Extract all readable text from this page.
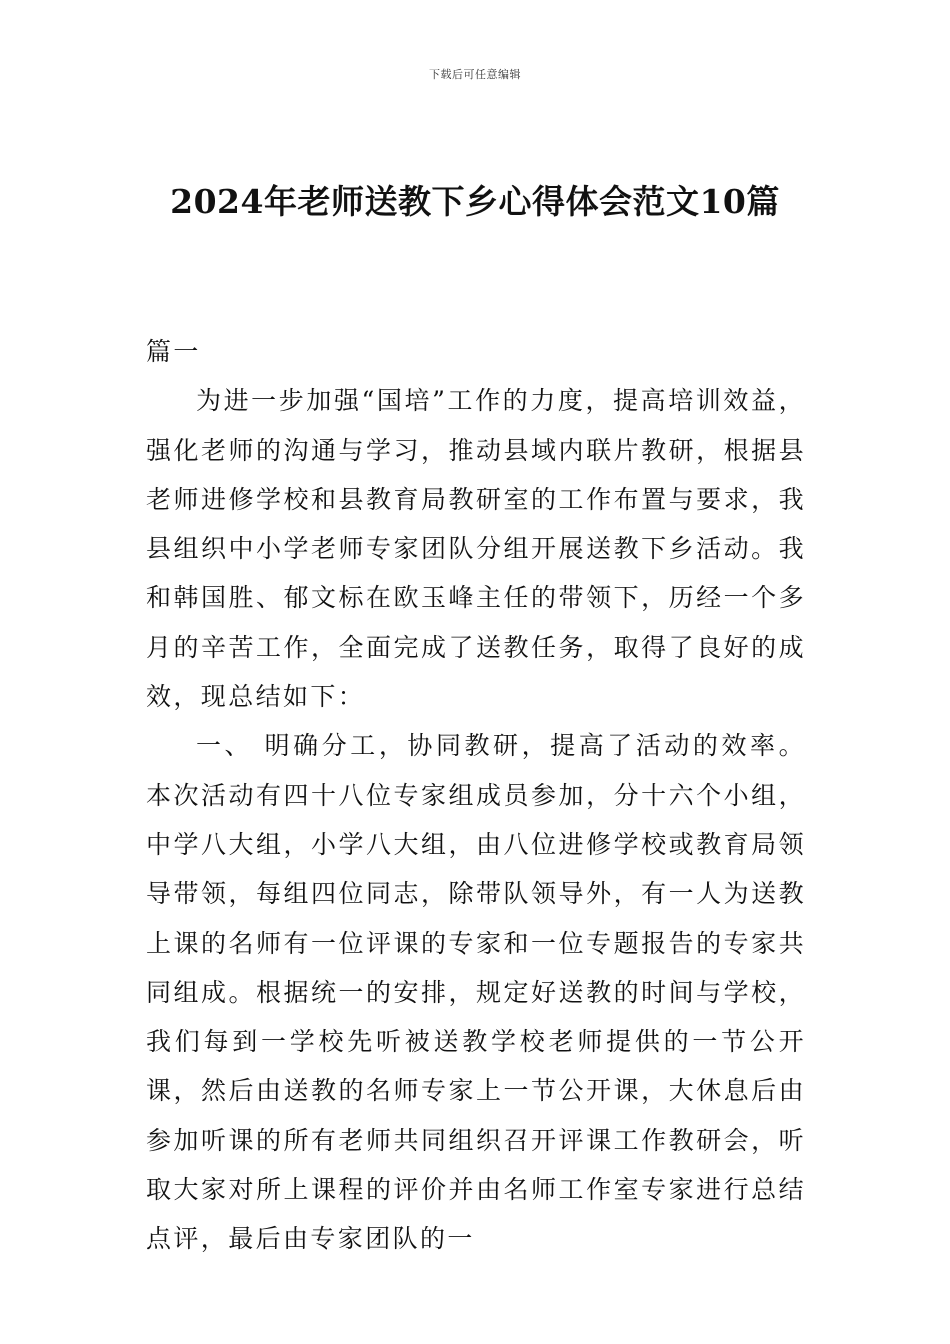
下载后可任意编辑
2024年老师送教下乡心得体会范文10篇

篇一

为进一步加强“国培”工作的力度，提高培训效益，强化老师的沟通与学习，推动县域内联片教研，根据县老师进修学校和县教育局教研室的工作布置与要求，我县组织中小学老师专家团队分组开展送教下乡活动。我和韩国胜、郁文标在欧玉峰主任的带领下，历经一个多月的辛苦工作，全面完成了送教任务，取得了良好的成效，现总结如下：

一、 明确分工，协同教研，提高了活动的效率。本次活动有四十八位专家组成员参加，分十六个小组，中学八大组，小学八大组，由八位进修学校或教育局领导带领，每组四位同志，除带队领导外，有一人为送教上课的名师有一位评课的专家和一位专题报告的专家共同组成。根据统一的安排，规定好送教的时间与学校，我们每到一学校先听被送教学校老师提供的一节公开课，然后由送教的名师专家上一节公开课，大休息后由参加听课的所有老师共同组织召开评课工作教研会，听取大家对所上课程的评价并由名师工作室专家进行总结点评，最后由专家团队的一
